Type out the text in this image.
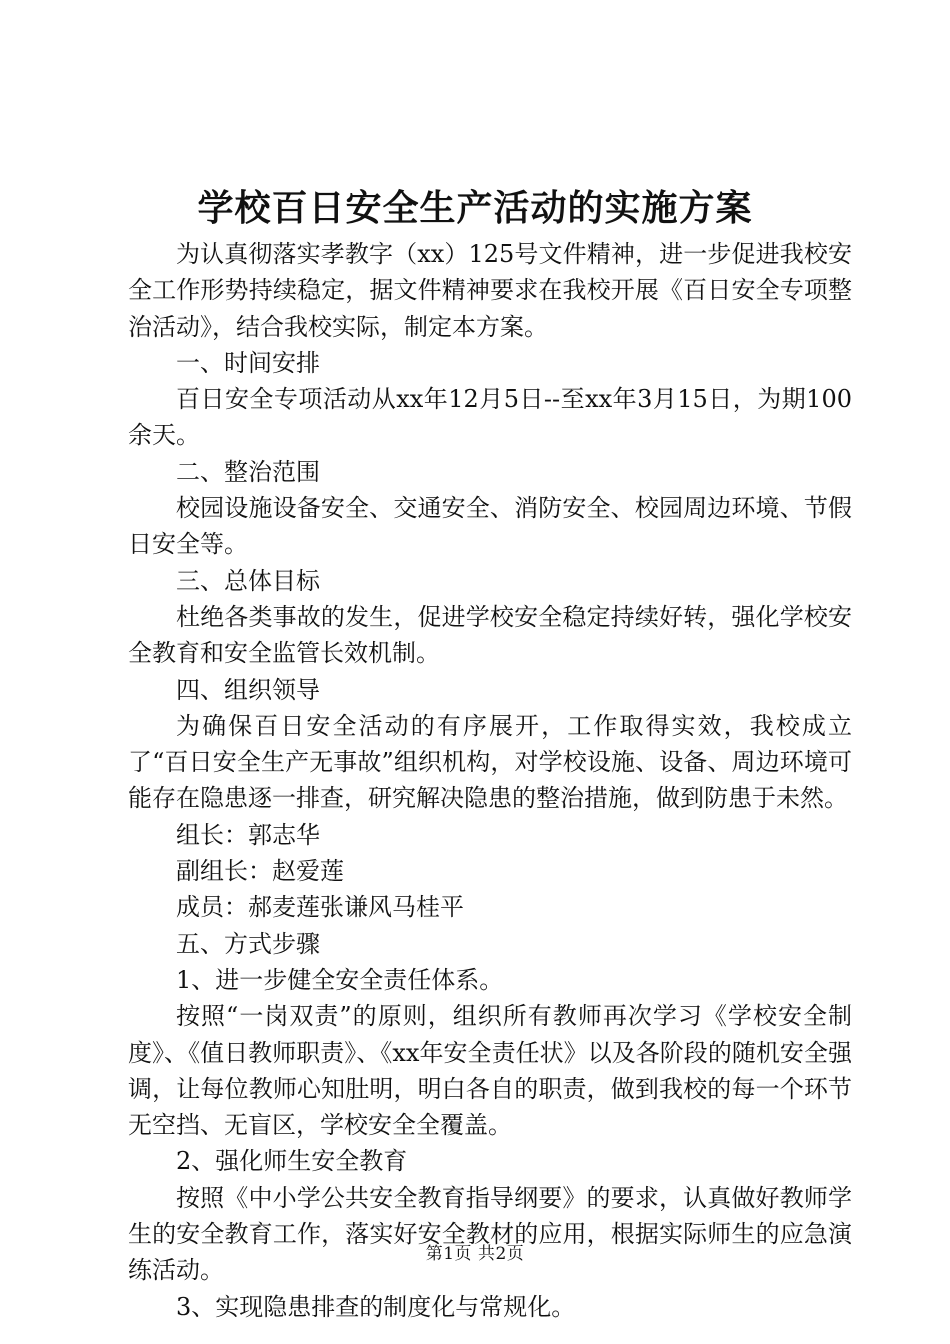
学校百日安全生产活动的实施方案

为认真彻落实孝教字（xx）125号文件精神，进一步促进我校安全工作形势持续稳定，据文件精神要求在我校开展《百日安全专项整治活动》，结合我校实际，制定本方案。

一、时间安排

百日安全专项活动从xx年12月5日--至xx年3月15日，为期100余天。

二、整治范围

校园设施设备安全、交通安全、消防安全、校园周边环境、节假日安全等。

三、总体目标

杜绝各类事故的发生，促进学校安全稳定持续好转，强化学校安全教育和安全监管长效机制。

四、组织领导

为确保百日安全活动的有序展开，工作取得实效，我校成立了“百日安全生产无事故”组织机构，对学校设施、设备、周边环境可能存在隐患逐一排查，研究解决隐患的整治措施，做到防患于未然。

组长：郭志华

副组长：赵爱莲

成员：郝麦莲张谦风马桂平

五、方式步骤

1、进一步健全安全责任体系。

按照“一岗双责”的原则，组织所有教师再次学习《学校安全制度》、《值日教师职责》、《xx年安全责任状》以及各阶段的随机安全强调，让每位教师心知肚明，明白各自的职责，做到我校的每一个环节无空挡、无盲区，学校安全全覆盖。

2、强化师生安全教育

按照《中小学公共安全教育指导纲要》的要求，认真做好教师学生的安全教育工作，落实好安全教材的应用，根据实际师生的应急演练活动。

3、实现隐患排查的制度化与常规化。

第1页 共2页
